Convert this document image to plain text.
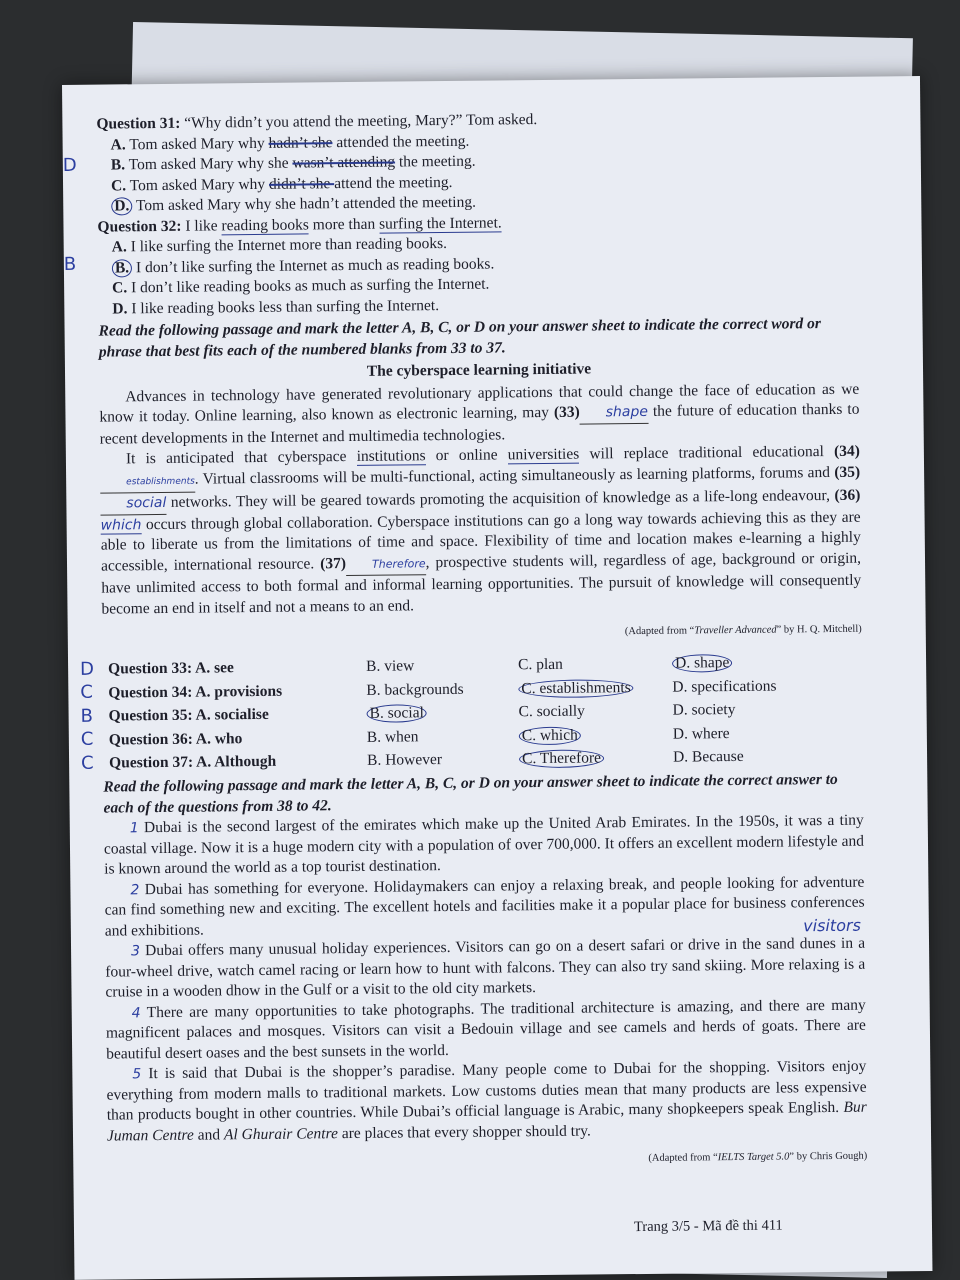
Question 31: “Why didn’t you attend the meeting, Mary?” Tom asked.

A. Tom asked Mary why hadn’t she attended the meeting.
D B. Tom asked Mary why she wasn’t attending the meeting.
C. Tom asked Mary why didn’t she attend the meeting.
D. Tom asked Mary why she hadn’t attended the meeting.

Question 32: I like reading books more than surfing the Internet.

A. I like surfing the Internet more than reading books.
B B. I don’t like surfing the Internet as much as reading books.
C. I don’t like reading books as much as surfing the Internet.
D. I like reading books less than surfing the Internet.

Read the following passage and mark the letter A, B, C, or D on your answer sheet to indicate the correct word or phrase that best fits each of the numbered blanks from 33 to 37.

The cyberspace learning initiative

Advances in technology have generated revolutionary applications that could change the face of education as we know it today. Online learning, also known as electronic learning, may (33) shape the future of education thanks to recent developments in the Internet and multimedia technologies.

It is anticipated that cyberspace institutions or online universities will replace traditional educational (34)establishments. Virtual classrooms will be multi-functional, acting simultaneously as learning platforms, forums and (35)social networks. They will be geared towards promoting the acquisition of knowledge as a life-long endeavour, (36) which occurs through global collaboration. Cyberspace institutions can go a long way towards achieving this as they are able to liberate us from the limitations of time and space. Flexibility of time and location makes e-learning a highly accessible, international resource. (37) Therefore, prospective students will, regardless of age, background or origin, have unlimited access to both formal and informal learning opportunities. The pursuit of knowledge will consequently become an end in itself and not a means to an end.

(Adapted from “Traveller Advanced” by H. Q. Mitchell)
D Question 33: A. see	B. view	C. plan	D. shape

C Question 34: A. provisions	B. backgrounds	C. establishments	D. specifications

B Question 35: A. socialise	B. social	C. socially	D. society

C Question 36: A. who	B. when	C. which	D. where

C Question 37: A. Although	B. However	C. Therefore	D. Because

Read the following passage and mark the letter A, B, C, or D on your answer sheet to indicate the correct answer to each of the questions from 38 to 42.

1 Dubai is the second largest of the emirates which make up the United Arab Emirates. In the 1950s, it was a tiny coastal village. Now it is a huge modern city with a population of over 700,000. It offers an excellent modern lifestyle and is known around the world as a top tourist destination.

2 Dubai has something for everyone. Holidaymakers can enjoy a relaxing break, and people looking for adventure can find something new and exciting. The excellent hotels and facilities make it a popular place for business conferences and exhibitions.	visitors
3 Dubai offers many unusual holiday experiences. Visitors can go on a desert safari or drive in the sand dunes in a four-wheel drive, watch camel racing or learn how to hunt with falcons. They can also try sand skiing. More relaxing is a cruise in a wooden dhow in the Gulf or a visit to the old city markets.

4 There are many opportunities to take photographs. The traditional architecture is amazing, and there are many magnificent palaces and mosques. Visitors can visit a Bedouin village and see camels and herds of goats. There are beautiful desert oases and the best sunsets in the world.

5 It is said that Dubai is the shopper’s paradise. Many people come to Dubai for the shopping. Visitors enjoy everything from modern malls to traditional markets. Low customs duties mean that many products are less expensive than products bought in other countries. While Dubai’s official language is Arabic, many shopkeepers speak English. Bur Juman Centre and Al Ghurair Centre are places that every shopper should try.

(Adapted from “IELTS Target 5.0” by Chris Gough)
Trang 3/5 - Mã đề thi 411
